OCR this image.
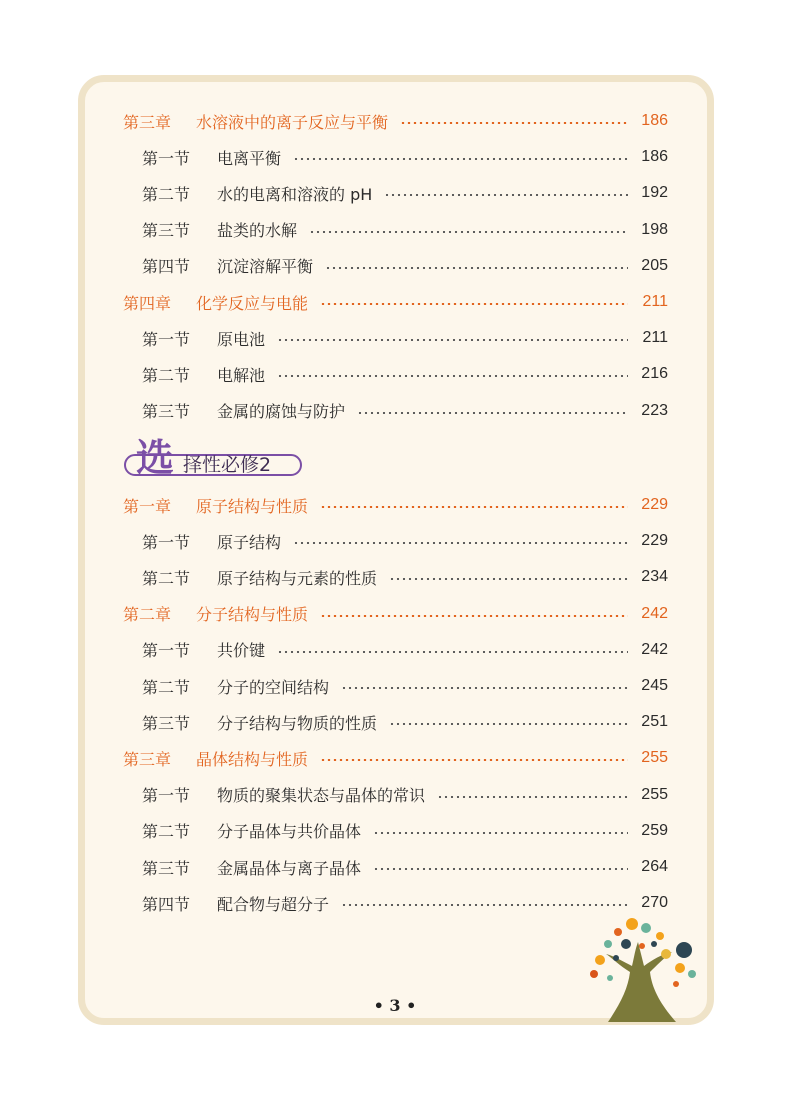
第三章	水溶液中的离子反应与平衡	186
第一节	电离平衡	186
第二节	水的电离和溶液的 pH	192
第三节	盐类的水解	198
第四节	沉淀溶解平衡	205
第四章	化学反应与电能	211
第一节	原电池	211
第二节	电解池	216
第三节	金属的腐蚀与防护	223
第一章	原子结构与性质	229
第一节	原子结构	229
第二节	原子结构与元素的性质	234
第二章	分子结构与性质	242
第一节	共价键	242
第二节	分子的空间结构	245
第三节	分子结构与物质的性质	251
第三章	晶体结构与性质	255
第一节	物质的聚集状态与晶体的常识	255
第二节	分子晶体与共价晶体	259
第三节	金属晶体与离子晶体	264
第四节	配合物与超分子	270
选 择性必修2
• 3 •
